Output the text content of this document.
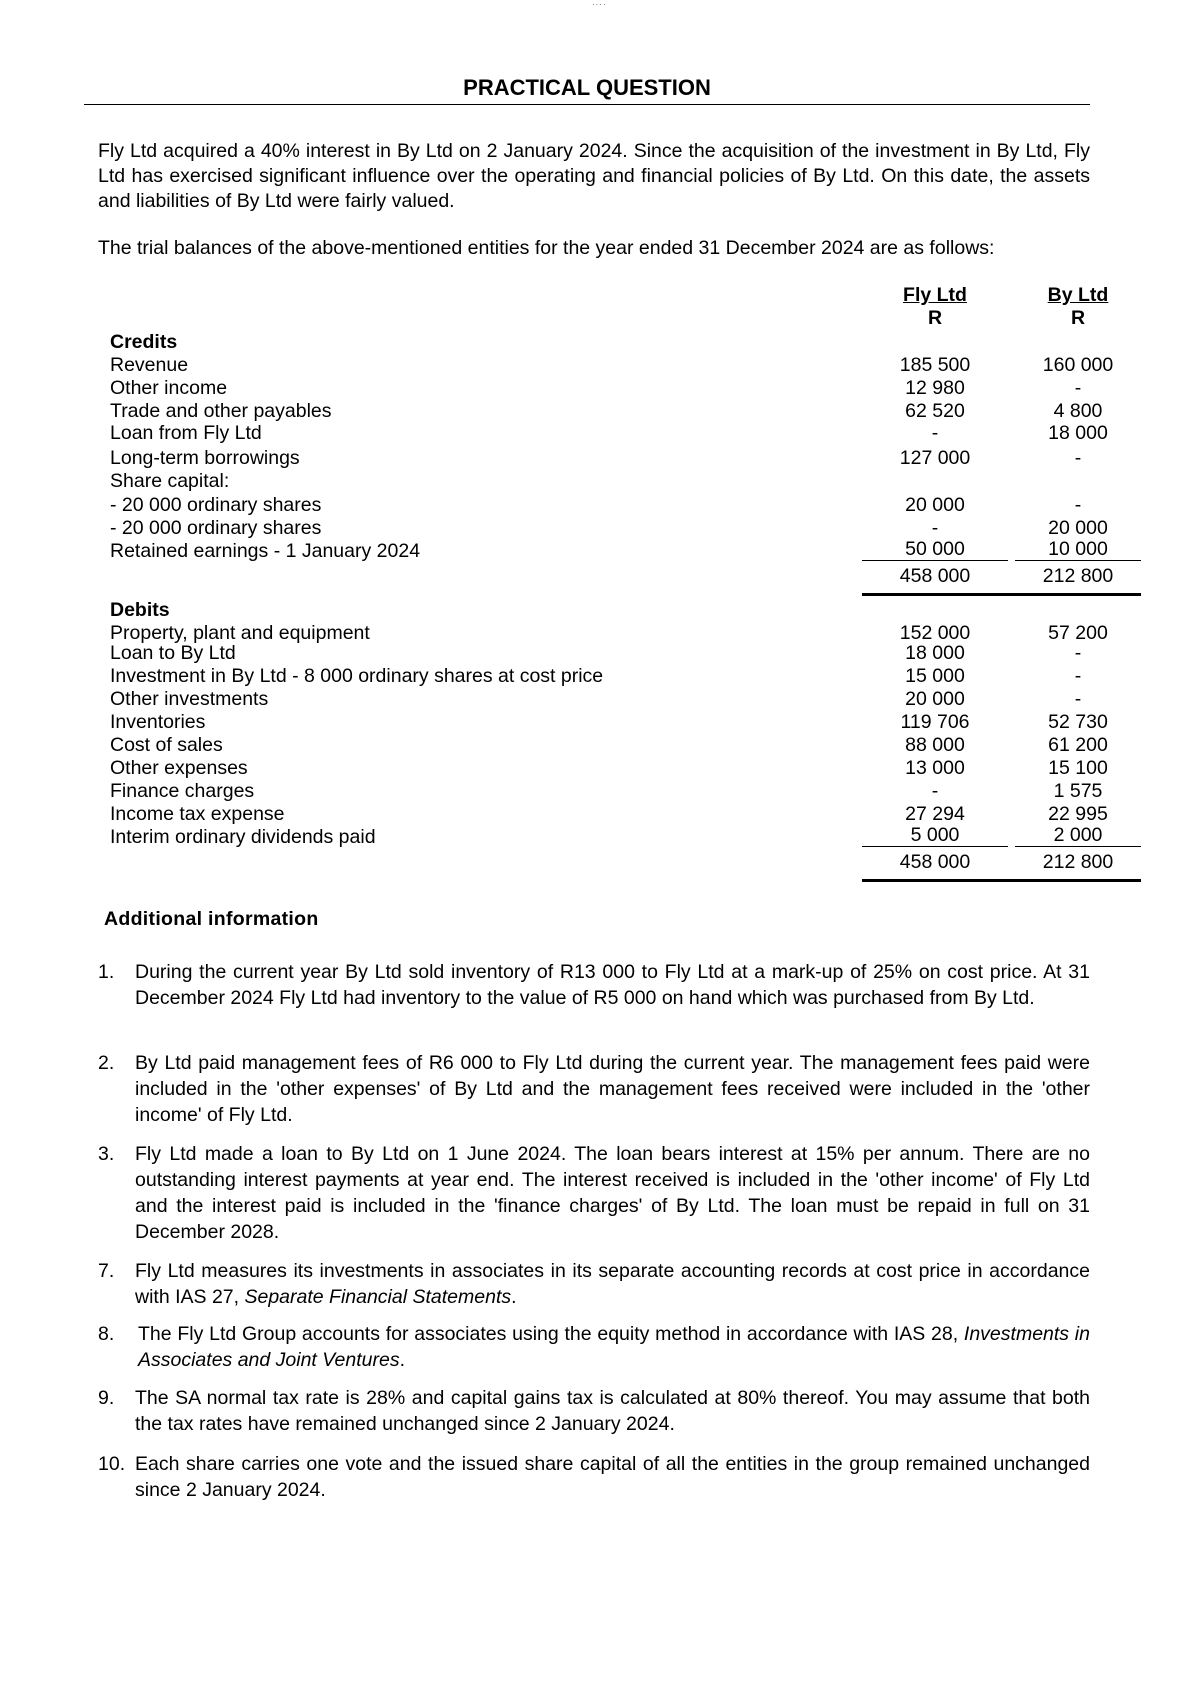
····
PRACTICAL QUESTION
Fly Ltd acquired a 40% interest in By Ltd on 2 January 2024. Since the acquisition of the investment in By Ltd, Fly Ltd has exercised significant influence over the operating and financial policies of By Ltd. On this date, the assets and liabilities of By Ltd were fairly valued.
The trial balances of the above-mentioned entities for the year ended 31 December 2024 are as follows:
Fly Ltd	By Ltd
R	R
Credits
Revenue	185 500	160 000
Other income	12 980	-
Trade and other payables	62 520	4 800
Loan from Fly Ltd	-	18 000
Long-term borrowings	127 000	-
Share capital:
- 20 000 ordinary shares	20 000	-
- 20 000 ordinary shares	-	20 000
Retained earnings - 1 January 2024	50 000	10 000
458 000	212 800
Debits
Property, plant and equipment	152 000	57 200
Loan to By Ltd	18 000	-
Investment in By Ltd - 8 000 ordinary shares at cost price	15 000	-
Other investments	20 000	-
Inventories	119 706	52 730
Cost of sales	88 000	61 200
Other expenses	13 000	15 100
Finance charges	-	1 575
Income tax expense	27 294	22 995
Interim ordinary dividends paid	5 000	2 000
458 000	212 800
Additional information
1.	During the current year By Ltd sold inventory of R13 000 to Fly Ltd at a mark-up of 25% on cost price. At 31 December 2024 Fly Ltd had inventory to the value of R5 000 on hand which was purchased from By Ltd.
2.	By Ltd paid management fees of R6 000 to Fly Ltd during the current year. The management fees paid were included in the 'other expenses' of By Ltd and the management fees received were included in the 'other income' of Fly Ltd.
3.	Fly Ltd made a loan to By Ltd on 1 June 2024. The loan bears interest at 15% per annum. There are no outstanding interest payments at year end. The interest received is included in the 'other income' of Fly Ltd and the interest paid is included in the 'finance charges' of By Ltd. The loan must be repaid in full on 31 December 2028.
7.	Fly Ltd measures its investments in associates in its separate accounting records at cost price in accordance with IAS 27, Separate Financial Statements.
8.	The Fly Ltd Group accounts for associates using the equity method in accordance with IAS 28, Investments in Associates and Joint Ventures.
9.	The SA normal tax rate is 28% and capital gains tax is calculated at 80% thereof. You may assume that both the tax rates have remained unchanged since 2 January 2024.
10. Each share carries one vote and the issued share capital of all the entities in the group remained unchanged since 2 January 2024.
